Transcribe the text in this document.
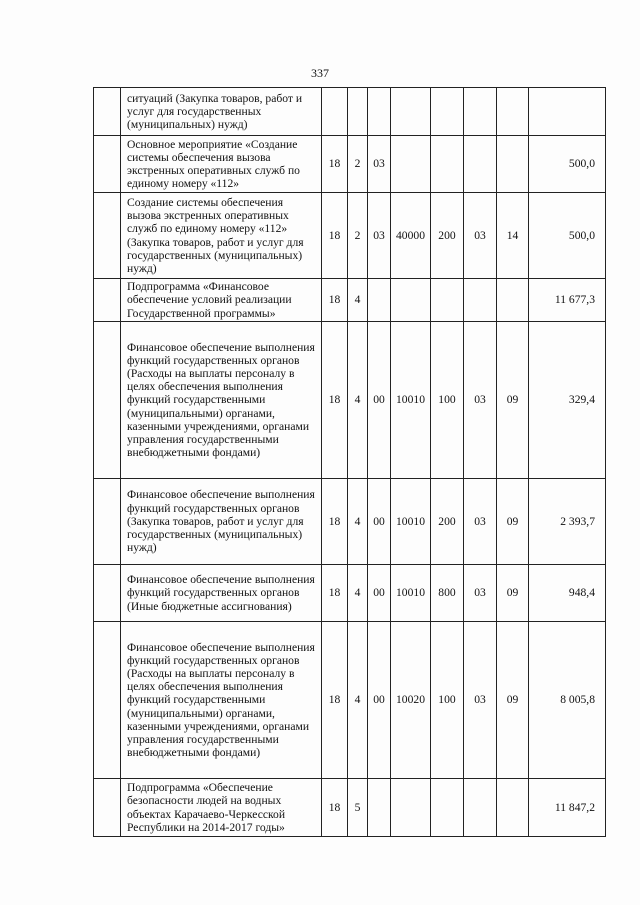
337
	ситуаций (Закупка товаров, работ и услуг для государственных (муниципальных) нужд)								
	Основное мероприятие «Создание системы обеспечения вызова экстренных оперативных служб по единому номеру «112»	18	2	03					500,0
	Создание системы обеспечения вызова экстренных оперативных служб по единому номеру «112» (Закупка товаров, работ и услуг для государственных (муниципальных) нужд)	18	2	03	40000	200	03	14	500,0
	Подпрограмма «Финансовое обеспечение условий реализации Государственной программы»	18	4						11 677,3
	Финансовое обеспечение выполнения функций государственных органов (Расходы на выплаты персоналу в целях обеспечения выполнения функций государственными (муниципальными) органами, казенными учреждениями, органами управления государственными внебюджетными фондами)	18	4	00	10010	100	03	09	329,4
	Финансовое обеспечение выполнения функций государственных органов (Закупка товаров, работ и услуг для государственных (муниципальных) нужд)	18	4	00	10010	200	03	09	2 393,7
	Финансовое обеспечение выполнения функций государственных органов (Иные бюджетные ассигнования)	18	4	00	10010	800	03	09	948,4
	Финансовое обеспечение выполнения функций государственных органов (Расходы на выплаты персоналу в целях обеспечения выполнения функций государственными (муниципальными) органами, казенными учреждениями, органами управления государственными внебюджетными фондами)	18	4	00	10020	100	03	09	8 005,8
	Подпрограмма «Обеспечение безопасности людей на водных объектах Карачаево-Черкесской Республики на 2014-2017 годы»	18	5						11 847,2
